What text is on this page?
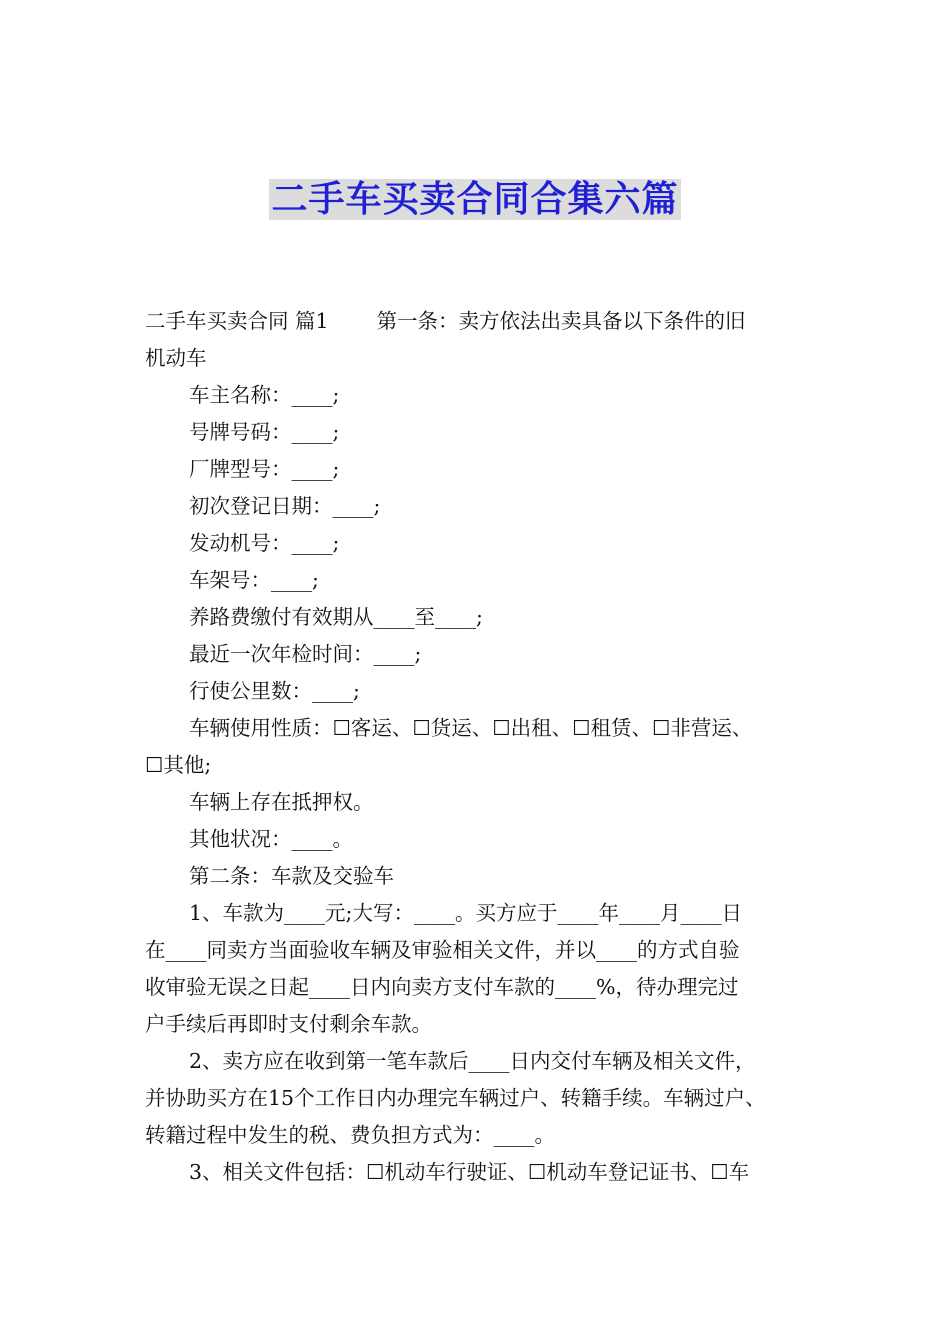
二手车买卖合同合集六篇

二手车买卖合同 篇1 第一条：卖方依法出卖具备以下条件的旧

机动车

车主名称：____;

号牌号码：____;

厂牌型号：____;

初次登记日期：____;

发动机号：____;

车架号：____;

养路费缴付有效期从____至____;

最近一次年检时间：____;

行使公里数：____;

车辆使用性质：☐客运、☐货运、☐出租、☐租赁、☐非营运、

☐其他;

车辆上存在抵押权。

其他状况：____。

第二条：车款及交验车

1、车款为____元;大写：____。买方应于____年____月____日

在____同卖方当面验收车辆及审验相关文件，并以____的方式自验

收审验无误之日起____日内向卖方支付车款的____%，待办理完过

户手续后再即时支付剩余车款。

2、卖方应在收到第一笔车款后____日内交付车辆及相关文件，

并协助买方在15个工作日内办理完车辆过户、转籍手续。车辆过户、

转籍过程中发生的税、费负担方式为：____。

3、相关文件包括：☐机动车行驶证、☐机动车登记证书、☐车
